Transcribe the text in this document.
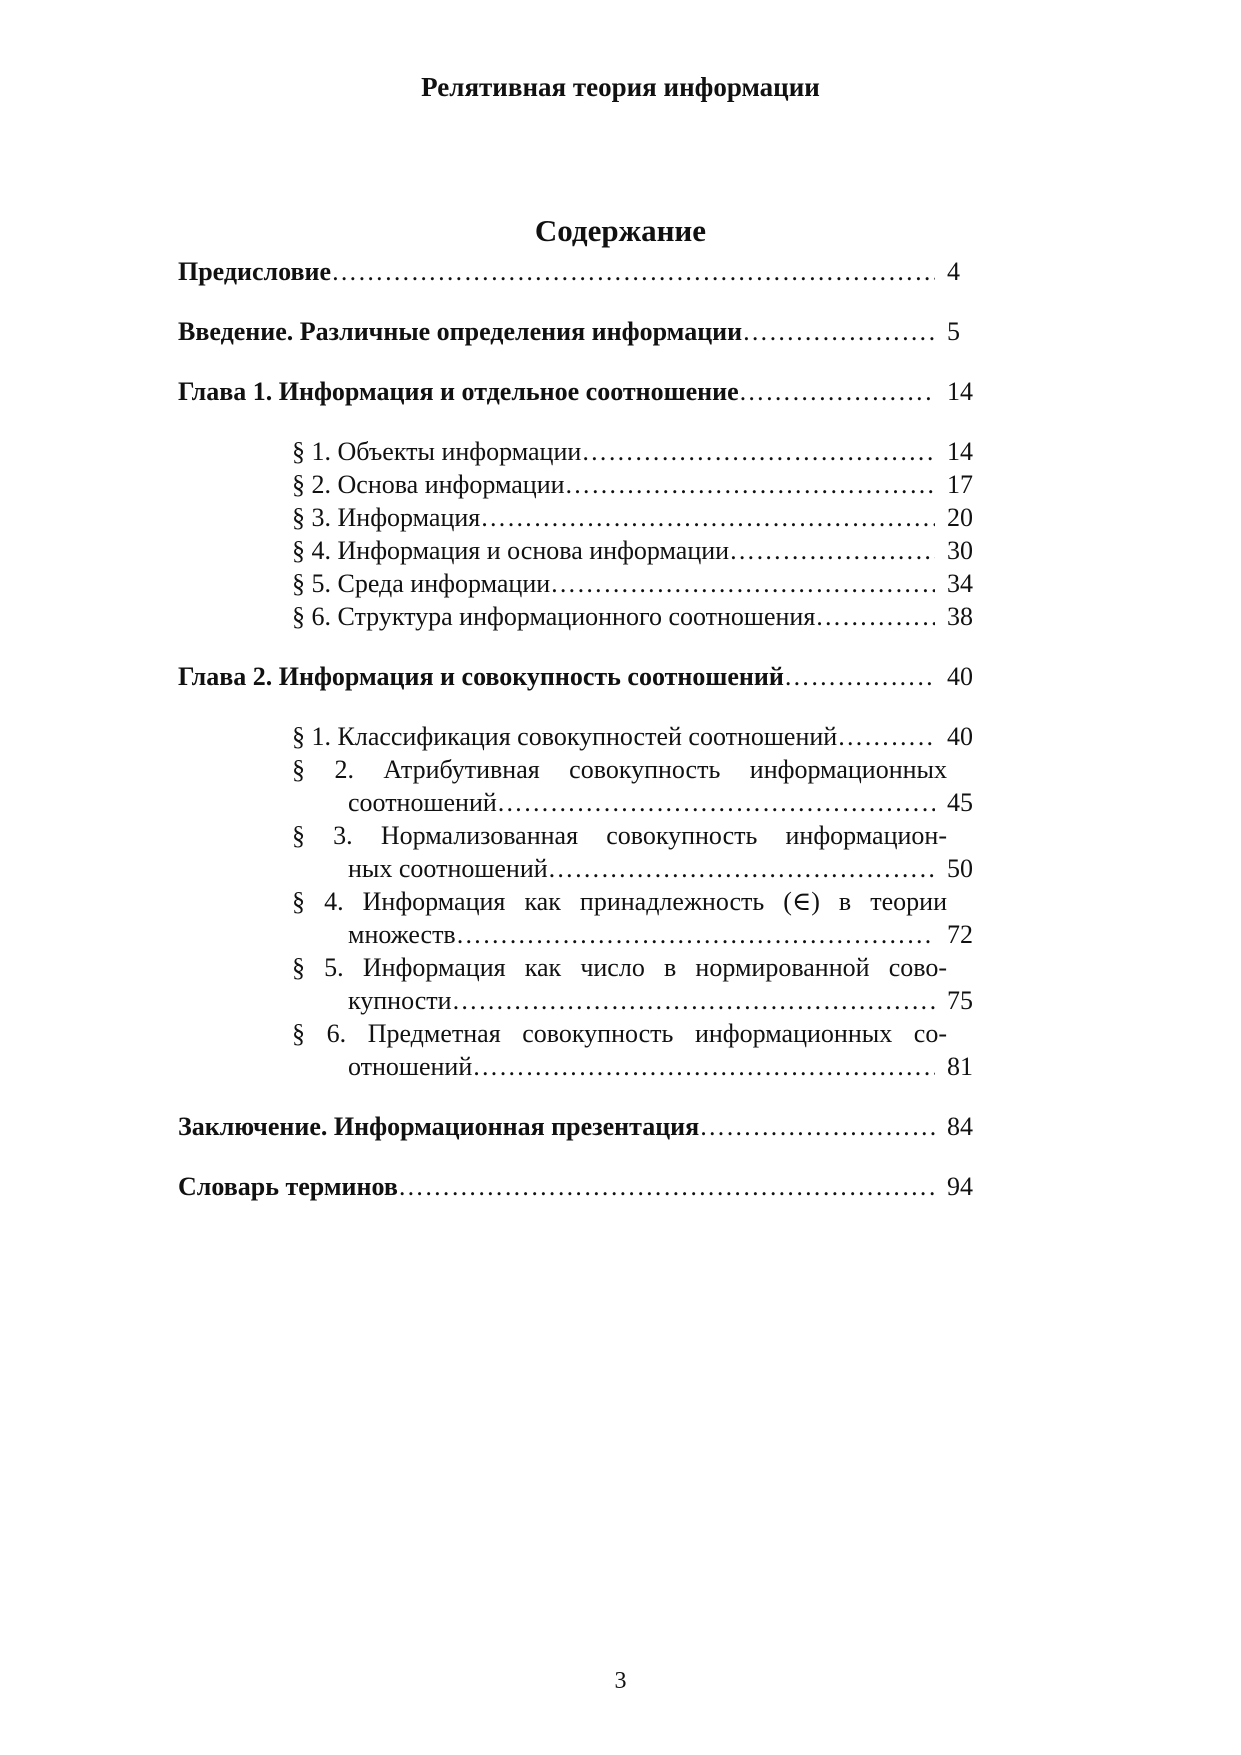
Релятивная теория информации
Содержание
Предисловие ……………………………………………………………………………………………………………………………	4
Введение. Различные определения информации ……………………………………………………………………………………………………………………………	5
Глава 1. Информация и отдельное соотношение ……………………………………………………………………………………………………………………………	14
§ 1. Объекты информации ……………………………………………………………………………………………………………………………	14
§ 2. Основа информации ……………………………………………………………………………………………………………………………	17
§ 3. Информация ……………………………………………………………………………………………………………………………	20
§ 4. Информация и основа информации ……………………………………………………………………………………………………………………………	30
§ 5. Среда информации ……………………………………………………………………………………………………………………………	34
§ 6. Структура информационного соотношения ……………………………………………………………………………………………………………………………	38
Глава 2. Информация и совокупность соотношений ……………………………………………………………………………………………………………………………	40
§ 1. Классификация совокупностей соотношений ……………………………………………………………………………………………………………………………	40
§ 2. Атрибутивная совокупность информационных
соотношений ……………………………………………………………………………………………………………………………	45
§ 3. Нормализованная совокупность информацион-
ных соотношений ……………………………………………………………………………………………………………………………	50
§ 4. Информация как принадлежность (∈) в теории
множеств ……………………………………………………………………………………………………………………………	72
§ 5. Информация как число в нормированной сово-
купности ……………………………………………………………………………………………………………………………	75
§ 6. Предметная совокупность информационных со-
отношений ……………………………………………………………………………………………………………………………	81
Заключение. Информационная презентация ……………………………………………………………………………………………………………………………	84
Словарь терминов ……………………………………………………………………………………………………………………………	94
3
